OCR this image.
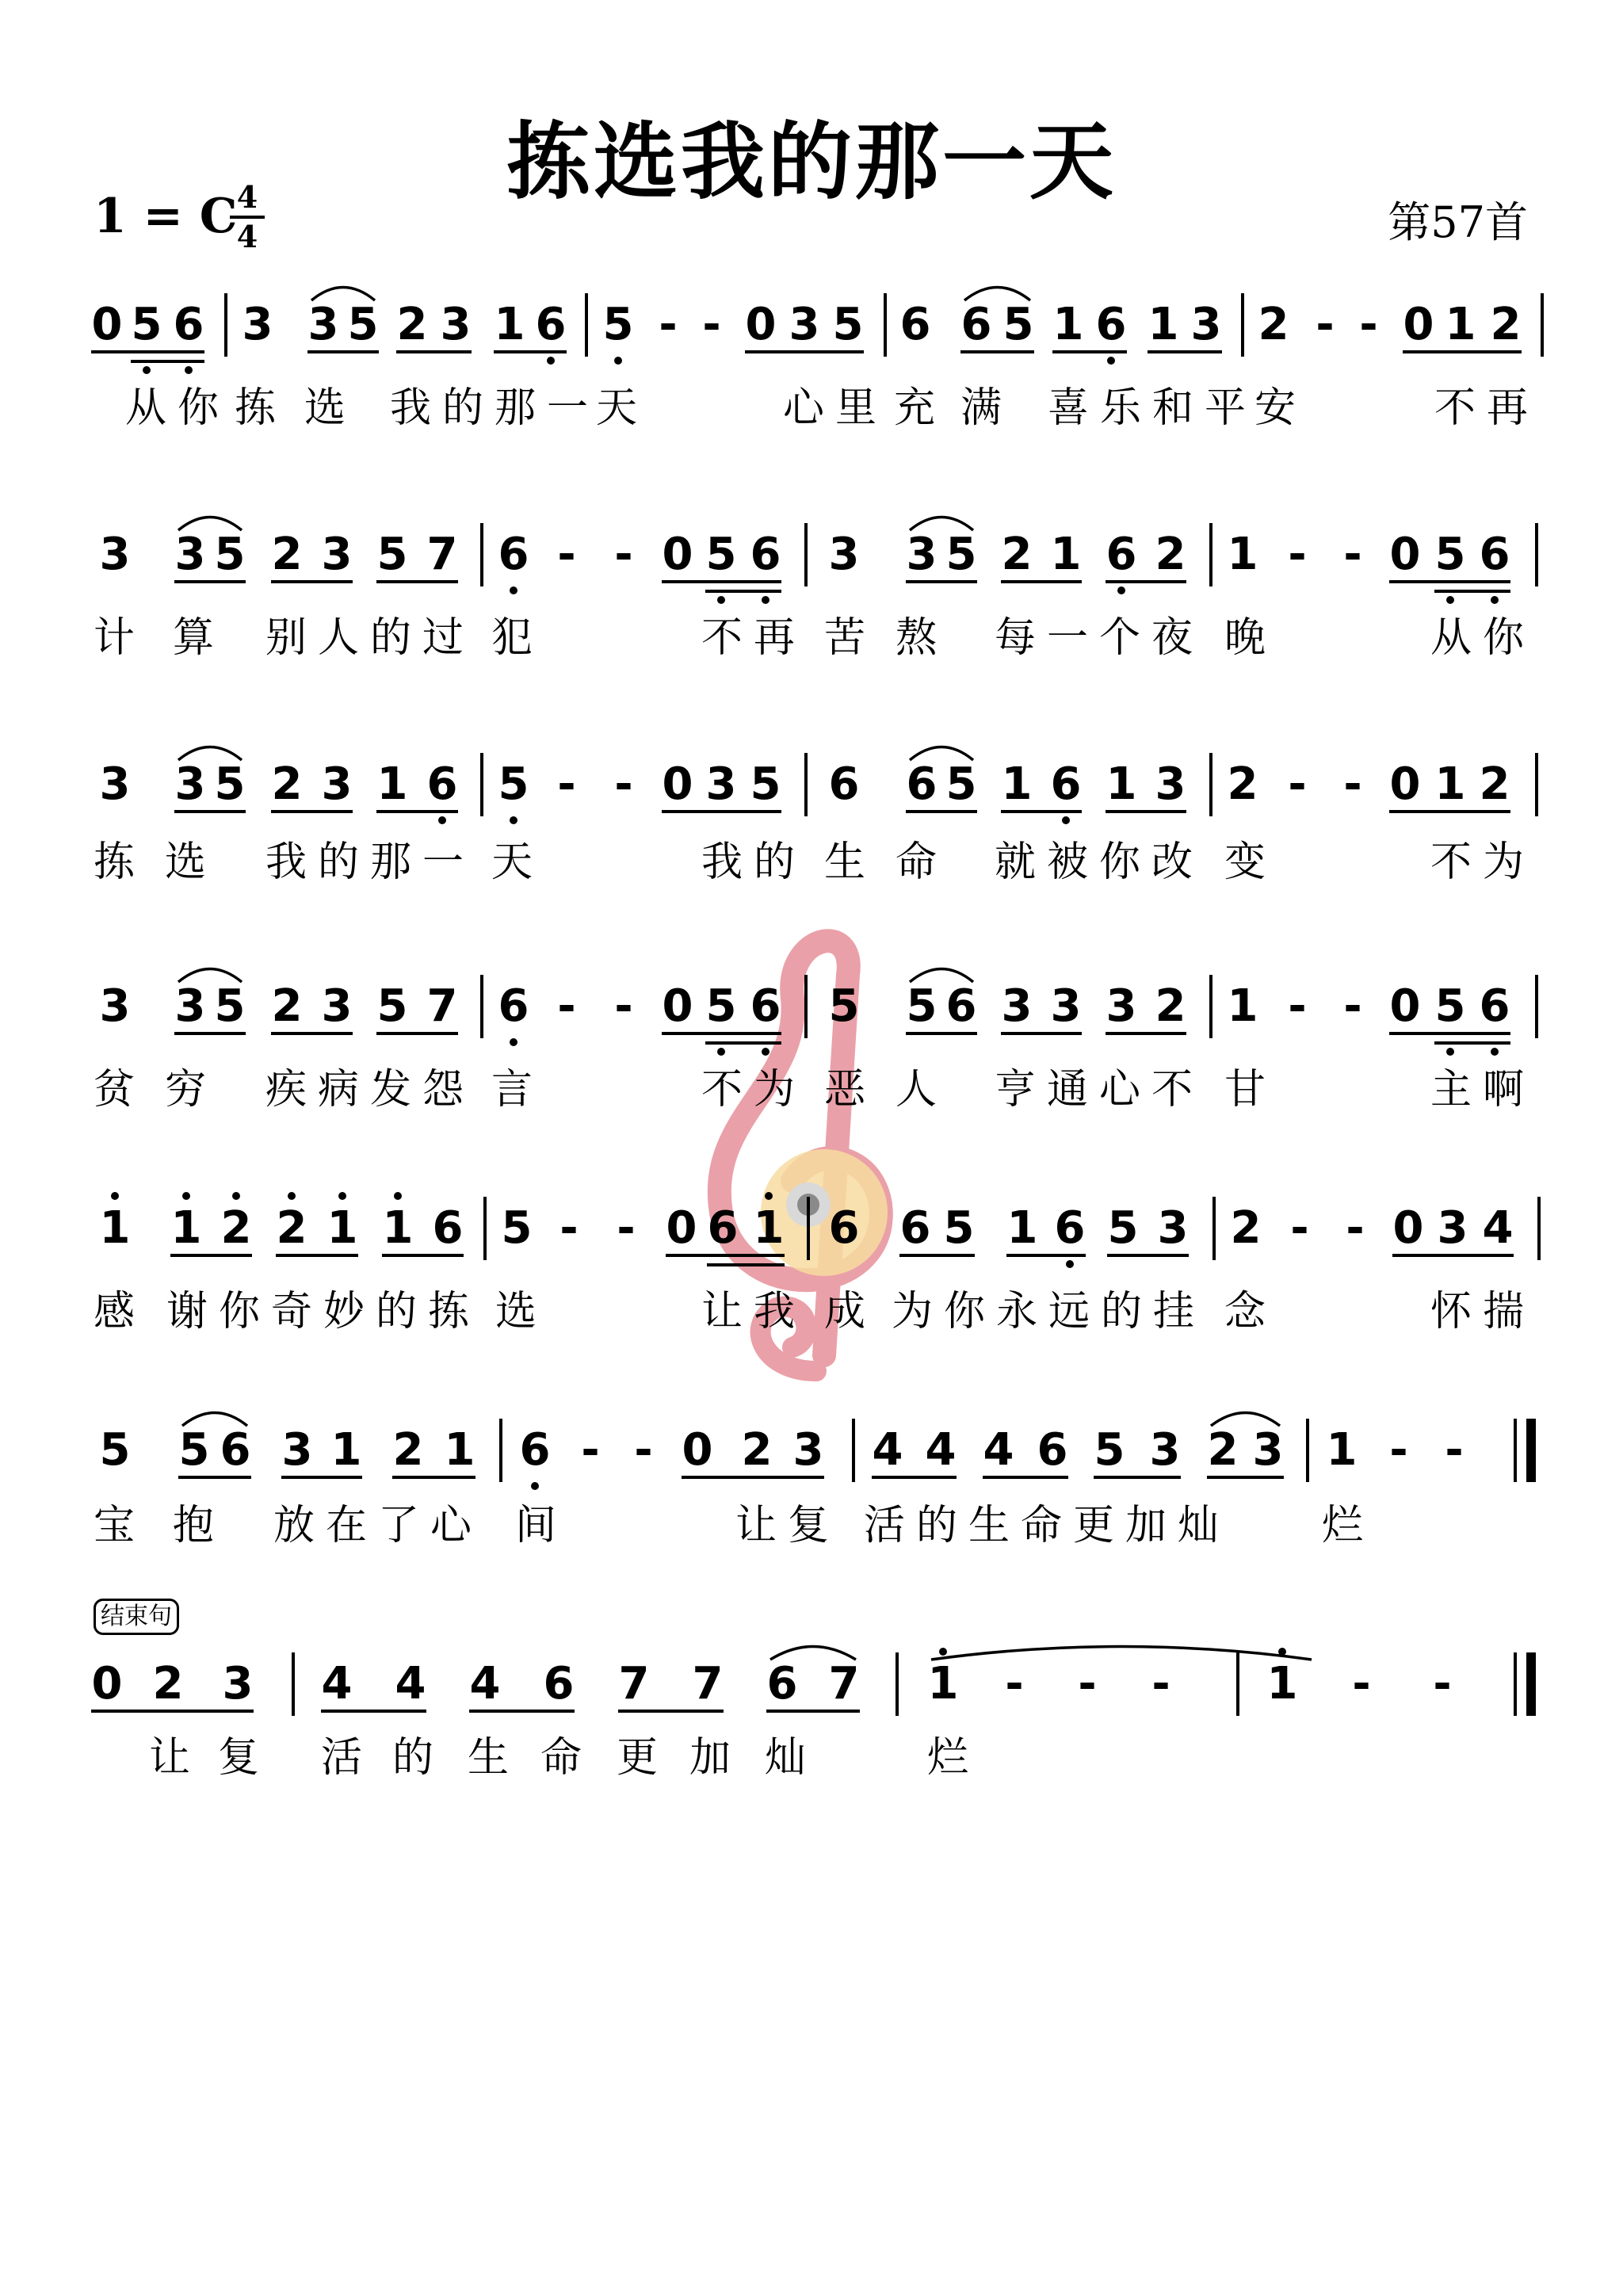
拣选我的那一天
1 = C 4
4	第57首
结束句
0 5 6 3 3 5 2 3 1 6 5 - - 0 3 5 6 6 5 1 6 1 3 2 - - 0 1 2
从你 拣 选 我的那一
天	心里 充 满 喜乐和平
安	不再
3 3 5 2 3 5 7 6 - - 0 5 6 3 3 5 2 1 6 2 1 - - 0 5 6
计 算 别人的过 犯	不再 苦 熬 每一个夜 晚	从你
3 3 5 2 3 1 6 5 - - 0 3 5 6 6 5 1 6 1 3 2 - - 0 1 2
拣 选 我的那一 天	我的 生 命 就被你改 变	不为
3 3 5 2 3 5 7 6 - - 0 5 6 5 5 6 3 3 3 2 1 - - 0 5 6
贫 穷 疾病发怨 言	不为 恶 人 亨通心不 甘	主啊
1 1 2 2 1 1 6 5 - - 0 6 1 6 6 5 1 6 5 3 2 - - 0 3 4
感 谢你奇妙的拣 选	让我 成 为你永远的挂 念	怀揣
5 5 6 3 1 2 1 6 - - 0 2 3 4 4 4 6 5 3 2 3 1 - -
宝 抱 放在了心 间	让复 活的生命更加灿 烂
0 2 3 4 4 4 6 7 7 6 7 1 - - - 1 - -
让 复 活 的 生 命 更 加 灿	烂
